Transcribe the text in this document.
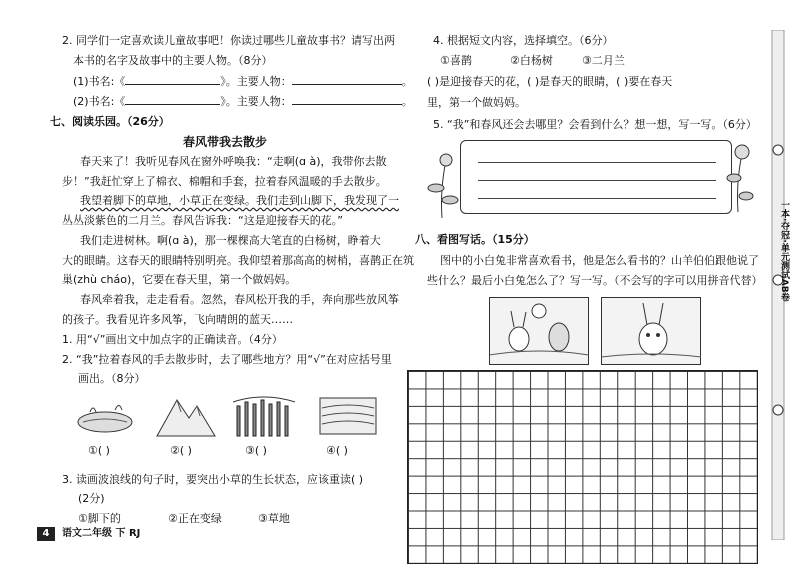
2. 同学们一定喜欢读儿童故事吧！你读过哪些儿童故事书？请写出两
本书的名字及故事中的主要人物。（8分）
(1)书名:《	》。主要人物：	。
(2)书名:《	》。主要人物：	。
七、阅读乐园。（26分）
春风带我去散步
春天来了！我听见春风在窗外呼唤我：“走啊(ɑ à)，我带你去散
步！”我赶忙穿上了棉衣、棉帽和手套，拉着春风温暖的手去散步。
我望着脚下的草地，小草正在变绿。我们走到山脚下，我发现了一
丛丛淡紫色的二月兰。春风告诉我：“这是迎接春天的花。”
我们走进树林。啊(ɑ à)，那一棵棵高大笔直的白杨树，睁着大
大的眼睛。这春天的眼睛特别明亮。我仰望着那高高的树梢，喜鹊正在筑
巢(zhù cháo)，它要在春天里，第一个做妈妈。
春风牵着我，走走看看。忽然，春风松开我的手，奔向那些放风筝
的孩子。我看见许多风筝，飞向晴朗的蓝天……
1. 用“√”画出文中加点字的正确读音。（4分）
2. “我”拉着春风的手去散步时，去了哪些地方？用“√”在对应括号里
画出。（8分）
①( )	②( )	③( )	④( )
3. 读画波浪线的句子时，要突出小草的生长状态，应该重读( )
(2分)
①脚下的	②正在变绿	③草地
4	语文二年级 下 RJ
4. 根据短文内容，选择填空。（6分）
①喜鹊	②白杨树	③二月兰
( )是迎接春天的花，( )是春天的眼睛，( )要在春天
里，第一个做妈妈。
5. “我”和春风还会去哪里？会看到什么？想一想，写一写。（6分）
八、看图写话。（15分）
图中的小白兔非常喜欢看书，他是怎么看书的？山羊伯伯跟他说了
些什么？最后小白兔怎么了？写一写。（不会写的字可以用拼音代替）	一本·夺冠·单元测试AB卷
